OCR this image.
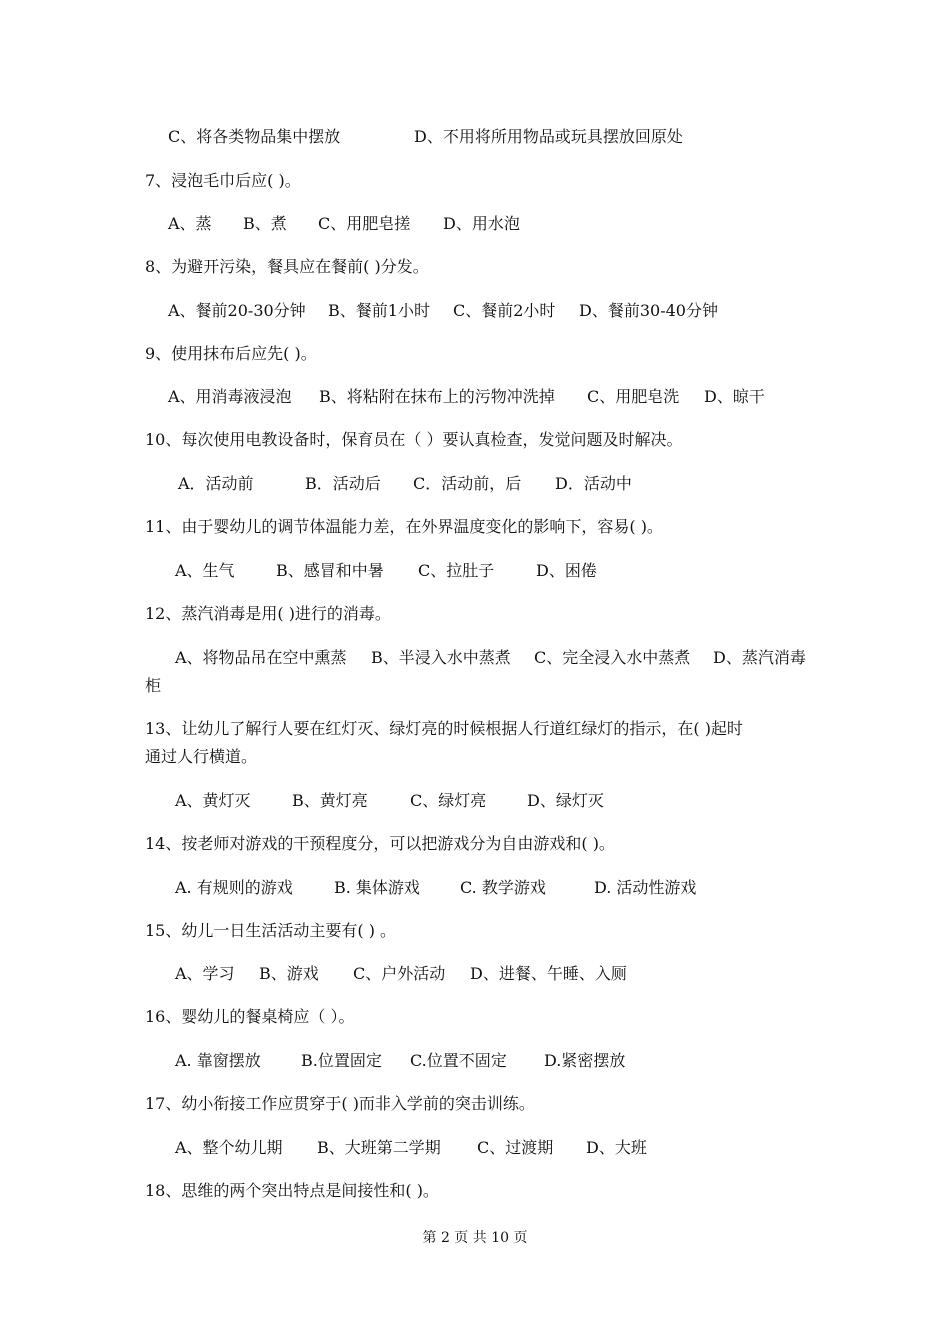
C、将各类物品集中摆放	D、不用将所用物品或玩具摆放回原处
7、浸泡毛巾后应( )。
A、蒸 B、煮 C、用肥皂搓 D、用水泡
8、为避开污染，餐具应在餐前( )分发。
A、餐前20-30分钟 B、餐前1小时 C、餐前2小时 D、餐前30-40分钟
9、使用抹布后应先( )。
A、用消毒液浸泡 B、将粘附在抹布上的污物冲洗掉 C、用肥皂洗 D、晾干
10、每次使用电教设备时，保育员在（ ）要认真检查，发觉问题及时解决。
A．活动前	B．活动后 C．活动前，后 D．活动中
11、由于婴幼儿的调节体温能力差，在外界温度变化的影响下，容易( )。
A、生气	B、感冒和中暑 C、拉肚子	D、困倦
12、蒸汽消毒是用( )进行的消毒。
A、将物品吊在空中熏蒸 B、半浸入水中蒸煮 C、完全浸入水中蒸煮 D、蒸汽消毒
柜
13、让幼儿了解行人要在红灯灭、绿灯亮的时候根据人行道红绿灯的指示，在( )起时
通过人行横道。
A、黄灯灭	B、黄灯亮	C、绿灯亮	D、绿灯灭
14、按老师对游戏的干预程度分，可以把游戏分为自由游戏和( )。
A. 有规则的游戏	B. 集体游戏	C. 教学游戏	D. 活动性游戏
15、幼儿一日生活活动主要有( ) 。
A、学习 B、游戏 C、户外活动 D、进餐、午睡、入厕
16、婴幼儿的餐桌椅应（ ）。
A. 靠窗摆放	B.位置固定 C.位置不固定 D.紧密摆放
17、幼小衔接工作应贯穿于( )而非入学前的突击训练。
A、整个幼儿期 B、大班第二学期 C、过渡期 D、大班
18、思维的两个突出特点是间接性和( )。
第 2 页 共 10 页
